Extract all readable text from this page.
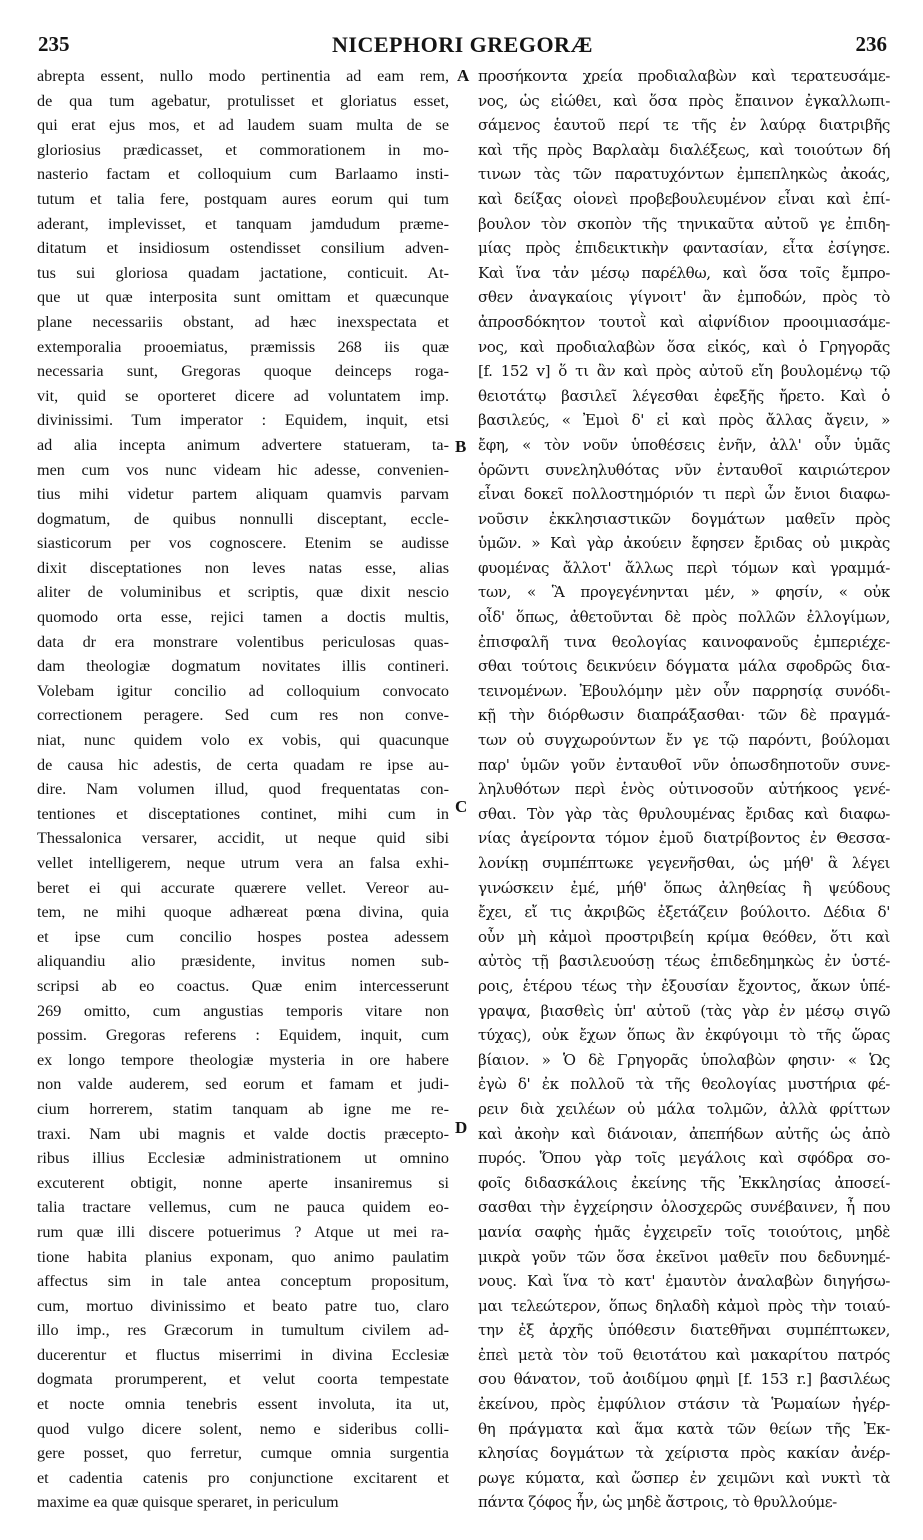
235	NICEPHORI GREGORÆ	236
abrepta essent, nullo modo pertinentia ad eam rem,
de qua tum agebatur, protulisset et gloriatus esset,
qui erat ejus mos, et ad laudem suam multa de se
gloriosius prædicasset, et commorationem in mo-
nasterio factam et colloquium cum Barlaamo insti-
tutum et talia fere, postquam aures eorum qui tum
aderant, implevisset, et tanquam jamdudum præme-
ditatum et insidiosum ostendisset consilium adven-
tus sui gloriosa quadam jactatione, conticuit. At-
que ut quæ interposita sunt omittam et quæcunque
plane necessariis obstant, ad hæc inexspectata et
extemporalia prooemiatus, præmissis 268 iis quæ
necessaria sunt, Gregoras quoque deinceps roga-
vit, quid se oporteret dicere ad voluntatem imp.
divinissimi. Tum imperator : Equidem, inquit, etsi
ad alia incepta animum advertere statueram, ta-
men cum vos nunc videam hic adesse, convenien-
tius mihi videtur partem aliquam quamvis parvam
dogmatum, de quibus nonnulli disceptant, eccle-
siasticorum per vos cognoscere. Etenim se audisse
dixit disceptationes non leves natas esse, alias
aliter de voluminibus et scriptis, quæ dixit nescio
quomodo orta esse, rejici tamen a doctis multis,
data dr era monstrare volentibus periculosas quas-
dam theologiæ dogmatum novitates illis contineri.
Volebam igitur concilio ad colloquium convocato
correctionem peragere. Sed cum res non conve-
niat, nunc quidem volo ex vobis, qui quacunque
de causa hic adestis, de certa quadam re ipse au-
dire. Nam volumen illud, quod frequentatas con-
tentiones et disceptationes continet, mihi cum in
Thessalonica versarer, accidit, ut neque quid sibi
vellet intelligerem, neque utrum vera an falsa exhi-
beret ei qui accurate quærere vellet. Vereor au-
tem, ne mihi quoque adhæreat pœna divina, quia
et ipse cum concilio hospes postea adessem
aliquandiu alio præsidente, invitus nomen sub-
scripsi ab eo coactus. Quæ enim intercesserunt
269 omitto, cum angustias temporis vitare non
possim. Gregoras referens : Equidem, inquit, cum
ex longo tempore theologiæ mysteria in ore habere
non valde auderem, sed eorum et famam et judi-
cium horrerem, statim tanquam ab igne me re-
traxi. Nam ubi magnis et valde doctis præcepto-
ribus illius Ecclesiæ administrationem ut omnino
excuterent obtigit, nonne aperte insaniremus si
talia tractare vellemus, cum ne pauca quidem eo-
rum quæ illi discere potuerimus ? Atque ut mei ra-
tione habita planius exponam, quo animo paulatim
affectus sim in tale antea conceptum propositum,
cum, mortuo divinissimo et beato patre tuo, claro
illo imp., res Græcorum in tumultum civilem ad-
ducerentur et fluctus miserrimi in divina Ecclesiæ
dogmata prorumperent, et velut coorta tempestate
et nocte omnia tenebris essent involuta, ita ut,
quod vulgo dicere solent, nemo e sideribus colli-
gere posset, quo ferretur, cumque omnia surgentia
et cadentia catenis pro conjunctione excitarent et
maxime ea quæ quisque speraret, in periculum
προσήκοντα χρεία προδιαλαβὼν καὶ τερατευσάμε-
νος, ὡς εἰώθει, καὶ ὅσα πρὸς ἔπαινον ἐγκαλλωπι-
σάμενος ἑαυτοῦ περί τε τῆς ἐν λαύρᾳ διατριβῆς
καὶ τῆς πρὸς Βαρλαὰμ διαλέξεως, καὶ τοιούτων δή
τινων τὰς τῶν παρατυχόντων ἐμπεπληκὼς ἀκοάς,
καὶ δείξας οἱονεὶ προβεβουλευμένον εἶναι καὶ ἐπί-
βουλον τὸν σκοπὸν τῆς τηνικαῦτα αὐτοῦ γε ἐπιδη-
μίας πρὸς ἐπιδεικτικὴν φαντασίαν, εἶτα ἐσίγησε.
Καὶ ἵνα τἀν μέσῳ παρέλθω, καὶ ὅσα τοῖς ἔμπρο-
σθεν ἀναγκαίοις γίγνοιτ' ἂν ἐμποδών, πρὸς τὸ
ἀπροσδόκητον τουτοῒ καὶ αἰφνίδιον προοιμιασάμε-
νος, καὶ προδιαλαβὼν ὅσα εἰκός, καὶ ὁ Γρηγορᾶς
[f. 152 v] ὅ τι ἂν καὶ πρὸς αὐτοῦ εἴη βουλομένῳ τῷ
θειοτάτῳ βασιλεῖ λέγεσθαι ἐφεξῆς ἤρετο. Καὶ ὁ
βασιλεύς, « Ἐμοὶ δ' εἰ καὶ πρὸς ἄλλας ἄγειν, »
ἔφη, « τὸν νοῦν ὑποθέσεις ἐνῆν, ἀλλ' οὖν ὑμᾶς
ὁρῶντι συνεληλυθότας νῦν ἐνταυθοῖ καιριώτερον
εἶναι δοκεῖ πολλοστημόριόν τι περὶ ὧν ἔνιοι διαφω-
νοῦσιν ἐκκλησιαστικῶν δογμάτων μαθεῖν πρὸς
ὑμῶν. » Καὶ γὰρ ἀκούειν ἔφησεν ἔριδας οὐ μικρὰς
φυομένας ἄλλοτ' ἄλλως περὶ τόμων καὶ γραμμά-
των, « Ἃ προγεγένηνται μέν, » φησίν, « οὐκ
οἶδ' ὅπως, ἀθετοῦνται δὲ πρὸς πολλῶν ἐλλογίμων,
ἐπισφαλῆ τινα θεολογίας καινοφανοῦς ἐμπεριέχε-
σθαι τούτοις δεικνύειν δόγματα μάλα σφοδρῶς δια-
τεινομένων. Ἐβουλόμην μὲν οὖν παρρησίᾳ συνόδι-
κῇ τὴν διόρθωσιν διαπράξασθαι· τῶν δὲ πραγμά-
των οὐ συγχωρούντων ἔν γε τῷ παρόντι, βούλομαι
παρ' ὑμῶν γοῦν ἐνταυθοῖ νῦν ὁπωσδηποτοῦν συνε-
ληλυθότων περὶ ἑνὸς οὑτινοσοῦν αὐτήκοος γενέ-
σθαι. Τὸν γὰρ τὰς θρυλουμένας ἔριδας καὶ διαφω-
νίας ἀγείροντα τόμον ἐμοῦ διατρίβοντος ἐν Θεσσα-
λονίκῃ συμπέπτωκε γεγενῆσθαι, ὡς μήθ' ἃ λέγει
γινώσκειν ἐμέ, μήθ' ὅπως ἀληθείας ἢ ψεύδους
ἔχει, εἴ τις ἀκριβῶς ἐξετάζειν βούλοιτο. Δέδια δ'
οὖν μὴ κἀμοὶ προστριβείη κρίμα θεόθεν, ὅτι καὶ
αὐτὸς τῇ βασιλευούσῃ τέως ἐπιδεδημηκὼς ἐν ὑστέ-
ροις, ἑτέρου τέως τὴν ἐξουσίαν ἔχοντος, ἄκων ὑπέ-
γραψα, βιασθεὶς ὑπ' αὐτοῦ (τὰς γὰρ ἐν μέσῳ σιγῶ
τύχας), οὐκ ἔχων ὅπως ἂν ἐκφύγοιμι τὸ τῆς ὥρας
βίαιον. » Ὁ δὲ Γρηγορᾶς ὑπολαβὼν φησιν· « Ὡς
ἐγὼ δ' ἐκ πολλοῦ τὰ τῆς θεολογίας μυστήρια φέ-
ρειν διὰ χειλέων οὐ μάλα τολμῶν, ἀλλὰ φρίττων
καὶ ἀκοὴν καὶ διάνοιαν, ἀπεπήδων αὐτῆς ὡς ἀπὸ
πυρός. Ὅπου γὰρ τοῖς μεγάλοις καὶ σφόδρα σο-
φοῖς διδασκάλοις ἐκείνης τῆς Ἐκκλησίας ἀποσεί-
σασθαι τὴν ἐγχείρησιν ὁλοσχερῶς συνέβαινεν, ἦ που
μανία σαφὴς ἡμᾶς ἐγχειρεῖν τοῖς τοιούτοις, μηδὲ
μικρὰ γοῦν τῶν ὅσα ἐκεῖνοι μαθεῖν που δεδυνημέ-
νους. Καὶ ἵνα τὸ κατ' ἐμαυτὸν ἀναλαβὼν διηγήσω-
μαι τελεώτερον, ὅπως δηλαδὴ κἀμοὶ πρὸς τὴν τοιαύ-
την ἐξ ἀρχῆς ὑπόθεσιν διατεθῆναι συμπέπτωκεν,
ἐπεὶ μετὰ τὸν τοῦ θειοτάτου καὶ μακαρίτου πατρός
σου θάνατον, τοῦ ἀοιδίμου φημὶ [f. 153 r.] βασιλέως
ἐκείνου, πρὸς ἐμφύλιον στάσιν τὰ Ῥωμαίων ἠγέρ-
θη πράγματα καὶ ἅμα κατὰ τῶν θείων τῆς Ἐκ-
κλησίας δογμάτων τὰ χείριστα πρὸς κακίαν ἀνέρ-
ρωγε κύματα, καὶ ὥσπερ ἐν χειμῶνι καὶ νυκτὶ τὰ
πάντα ζόφος ἦν, ὡς μηδὲ ἄστροις, τὸ θρυλλούμε-
A
B
C
D
